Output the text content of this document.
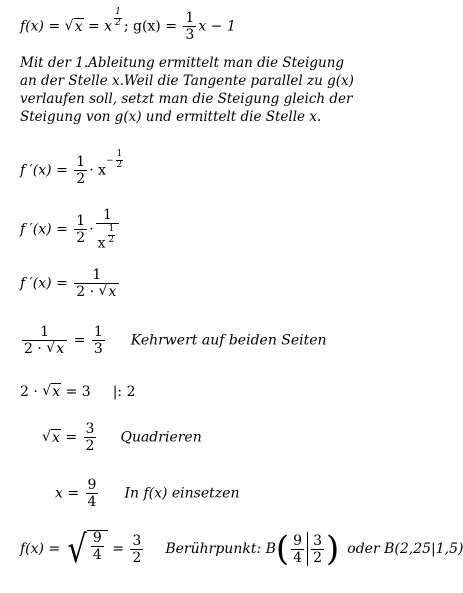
f(x) = √ x = x $^{\frac{1}{2}}$ ; $g(x) = \frac{1}{3}$ x − 1
Mit der 1.Ableitung ermittelt man die Steigung
an der Stelle x.Weil die Tangente parallel zu g(x)
verlaufen soll, setzt man die Steigung gleich der
Steigung von g(x) und ermittelt die Stelle x.
f $'(x) = \frac{1}{2} \cdot x^{- \frac{1}{2}}$
f $'(x) = \frac{1}{2} \cdot 1$
x $^{\frac{1}{2}}$
f $'(x) = \frac{1}{2 \cdot √ x}$
$\frac{1}{2 \cdot √ x} = \frac{1}{3}$ Kehrwert auf beiden Seiten
2 · √ x = 3 |: 2
√ $x = \frac{3}{2}$ Quadrieren
$x = \frac{9}{4}$ In f(x) einsetzen
f(x) = √ $\frac{9}{4} = \frac{3}{2}$ Berührpunkt: $B( \frac{9}{4} \frac{3}{2}$ ) oder B(2,25|1,5)
